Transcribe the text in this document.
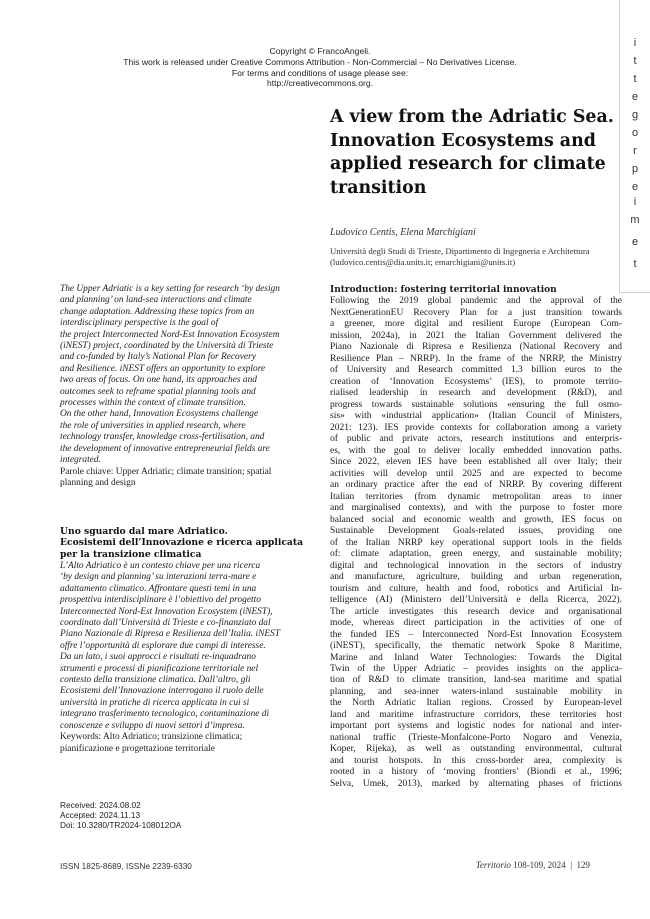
Copyright © FrancoAngeli.
This work is released under Creative Commons Attribution - Non-Commercial – No Derivatives License.
For terms and conditions of usage please see:
http://creativecommons.org.
t
e
m
i
e
p
r
o
g
e
t
t
i
A view from the Adriatic Sea. Innovation Ecosystems and applied research for climate transition
Ludovico Centis, Elena Marchigiani
Università degli Studi di Trieste, Dipartimento di Ingegneria e Architettura
(ludovico.centis@dia.units.it; emarchigiani@units.it)
The Upper Adriatic is a key setting for research ‘by design
and planning’ on land-sea interactions and climate
change adaptation. Addressing these topics from an
interdisciplinary perspective is the goal of
the project Interconnected Nord-Est Innovation Ecosystem
(iNEST) project, coordinated by the Università di Trieste
and co-funded by Italy’s National Plan for Recovery
and Resilience. iNEST offers an opportunity to explore
two areas of focus. On one hand, its approaches and
outcomes seek to reframe spatial planning tools and
processes within the context of climate transition.
On the other hand, Innovation Ecosystems challenge
the role of universities in applied research, where
technology transfer, knowledge cross-fertilisation, and
the development of innovative entrepreneurial fields are
integrated.
Parole chiave: Upper Adriatic; climate transition; spatial
planning and design
Uno sguardo dal mare Adriatico.
Ecosistemi dell’Innovazione e ricerca applicata
per la transizione climatica
L’Alto Adriatico è un contesto chiave per una ricerca
‘by design and planning’ su interazioni terra-mare e
adattamento climatico. Affrontare questi temi in una
prospettiva interdisciplinare è l’obiettivo del progetto
Interconnected Nord-Est Innovation Ecosystem (iNEST),
coordinato dall’Università di Trieste e co-finanziato dal
Piano Nazionale di Ripresa e Resilienza dell’Italia. iNEST
offre l’opportunità di esplorare due campi di interesse.
Da un lato, i suoi approcci e risultati re-inquadrano
strumenti e processi di pianificazione territoriale nel
contesto della transizione climatica. Dall’altro, gli
Ecosistemi dell’Innovazione interrogano il ruolo delle
università in pratiche di ricerca applicata in cui si
integrano trasferimento tecnologico, contaminazione di
conoscenze e sviluppo di nuovi settori d’impresa.
Keywords: Alto Adriatico; transizione climatica;
pianificazione e progettazione territoriale
Received: 2024.08.02
Accepted: 2024.11.13
Doi: 10.3280/TR2024-108012OA
Introduction: fostering territorial innovation
Following the 2019 global pandemic and the approval of the
NextGenerationEU Recovery Plan for a just transition towards
a greener, more digital and resilient Europe (European Com-
mission, 2024a), in 2021 the Italian Government delivered the
Piano Nazionale di Ripresa e Resilienza (National Recovery and
Resilience Plan – NRRP). In the frame of the NRRP, the Ministry
of University and Research committed 1.3 billion euros to the
creation of ‘Innovation Ecosystems’ (IES), to promote territo-
rialised leadership in research and development (R&D), and
progress towards sustainable solutions «ensuring the full osmo-
sis» with «industrial application» (Italian Council of Ministers,
2021: 123). IES provide contexts for collaboration among a variety
of public and private actors, research institutions and enterpris-
es, with the goal to deliver locally embedded innovation paths.
Since 2022, eleven IES have been established all over Italy; their
activities will develop until 2025 and are expected to become
an ordinary practice after the end of NRRP. By covering different
Italian territories (from dynamic metropolitan areas to inner
and marginalised contexts), and with the purpose to foster more
balanced social and economic wealth and growth, IES focus on
Sustainable Development Goals-related issues, providing one
of the Italian NRRP key operational support tools in the fields
of: climate adaptation, green energy, and sustainable mobility;
digital and technological innovation in the sectors of industry
and manufacture, agriculture, building and urban regeneration,
tourism and culture, health and food, robotics and Artificial In-
telligence (AI) (Ministero dell’Università e della Ricerca, 2022).
The article investigates this research device and organisational
mode, whereas direct participation in the activities of one of
the funded IES – Interconnected Nord-Est Innovation Ecosystem
(iNEST), specifically, the thematic network Spoke 8 Maritime,
Marine and Inland Water Technologies: Towards the Digital
Twin of the Upper Adriatic – provides insights on the applica-
tion of R&D to climate transition, land-sea maritime and spatial
planning, and sea-inner waters-inland sustainable mobility in
the North Adriatic Italian regions. Crossed by European-level
land and maritime infrastructure corridors, these territories host
important port systems and logistic nodes for national and inter-
national traffic (Trieste-Monfalcone-Porto Nogaro and Venezia,
Koper, Rijeka), as well as outstanding environmental, cultural
and tourist hotspots. In this cross-border area, complexity is
rooted in a history of ‘moving frontiers’ (Biondi et al., 1996;
Selva, Umek, 2013), marked by alternating phases of frictions
ISSN 1825-8689, ISSNe 2239-6330	Territorio 108-109, 2024 | 129
